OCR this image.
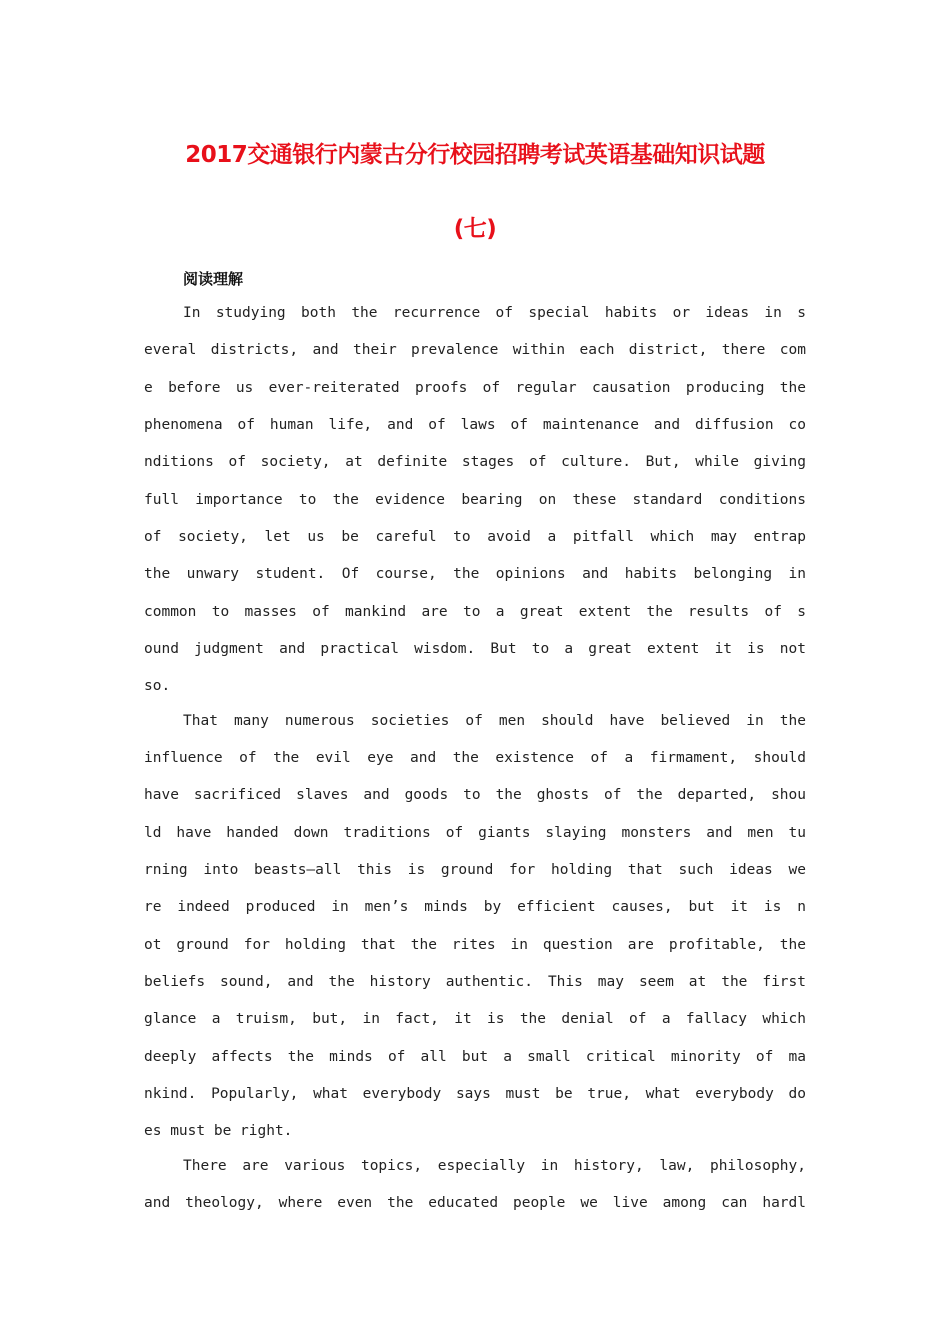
2017交通银行内蒙古分行校园招聘考试英语基础知识试题
(七)
阅读理解
In studying both the recurrence of special habits or ideas in s
everal districts, and their prevalence within each district, there com
e before us ever-reiterated proofs of regular causation producing the
phenomena of human life, and of laws of maintenance and diffusion co
nditions of society, at definite stages of culture. But, while giving
full importance to the evidence bearing on these standard conditions
of society, let us be careful to avoid a pitfall which may entrap
the unwary student. Of course, the opinions and habits belonging in
common to masses of mankind are to a great extent the results of s
ound judgment and practical wisdom. But to a great extent it is not
so.
That many numerous societies of men should have believed in the
influence of the evil eye and the existence of a firmament, should
have sacrificed slaves and goods to the ghosts of the departed, shou
ld have handed down traditions of giants slaying monsters and men tu
rning into beasts—all this is ground for holding that such ideas we
re indeed produced in men’s minds by efficient causes, but it is n
ot ground for holding that the rites in question are profitable, the
beliefs sound, and the history authentic. This may seem at the first
glance a truism, but, in fact, it is the denial of a fallacy which
deeply affects the minds of all but a small critical minority of ma
nkind. Popularly, what everybody says must be true, what everybody do
es must be right.
There are various topics, especially in history, law, philosophy,
and theology, where even the educated people we live among can hardl
